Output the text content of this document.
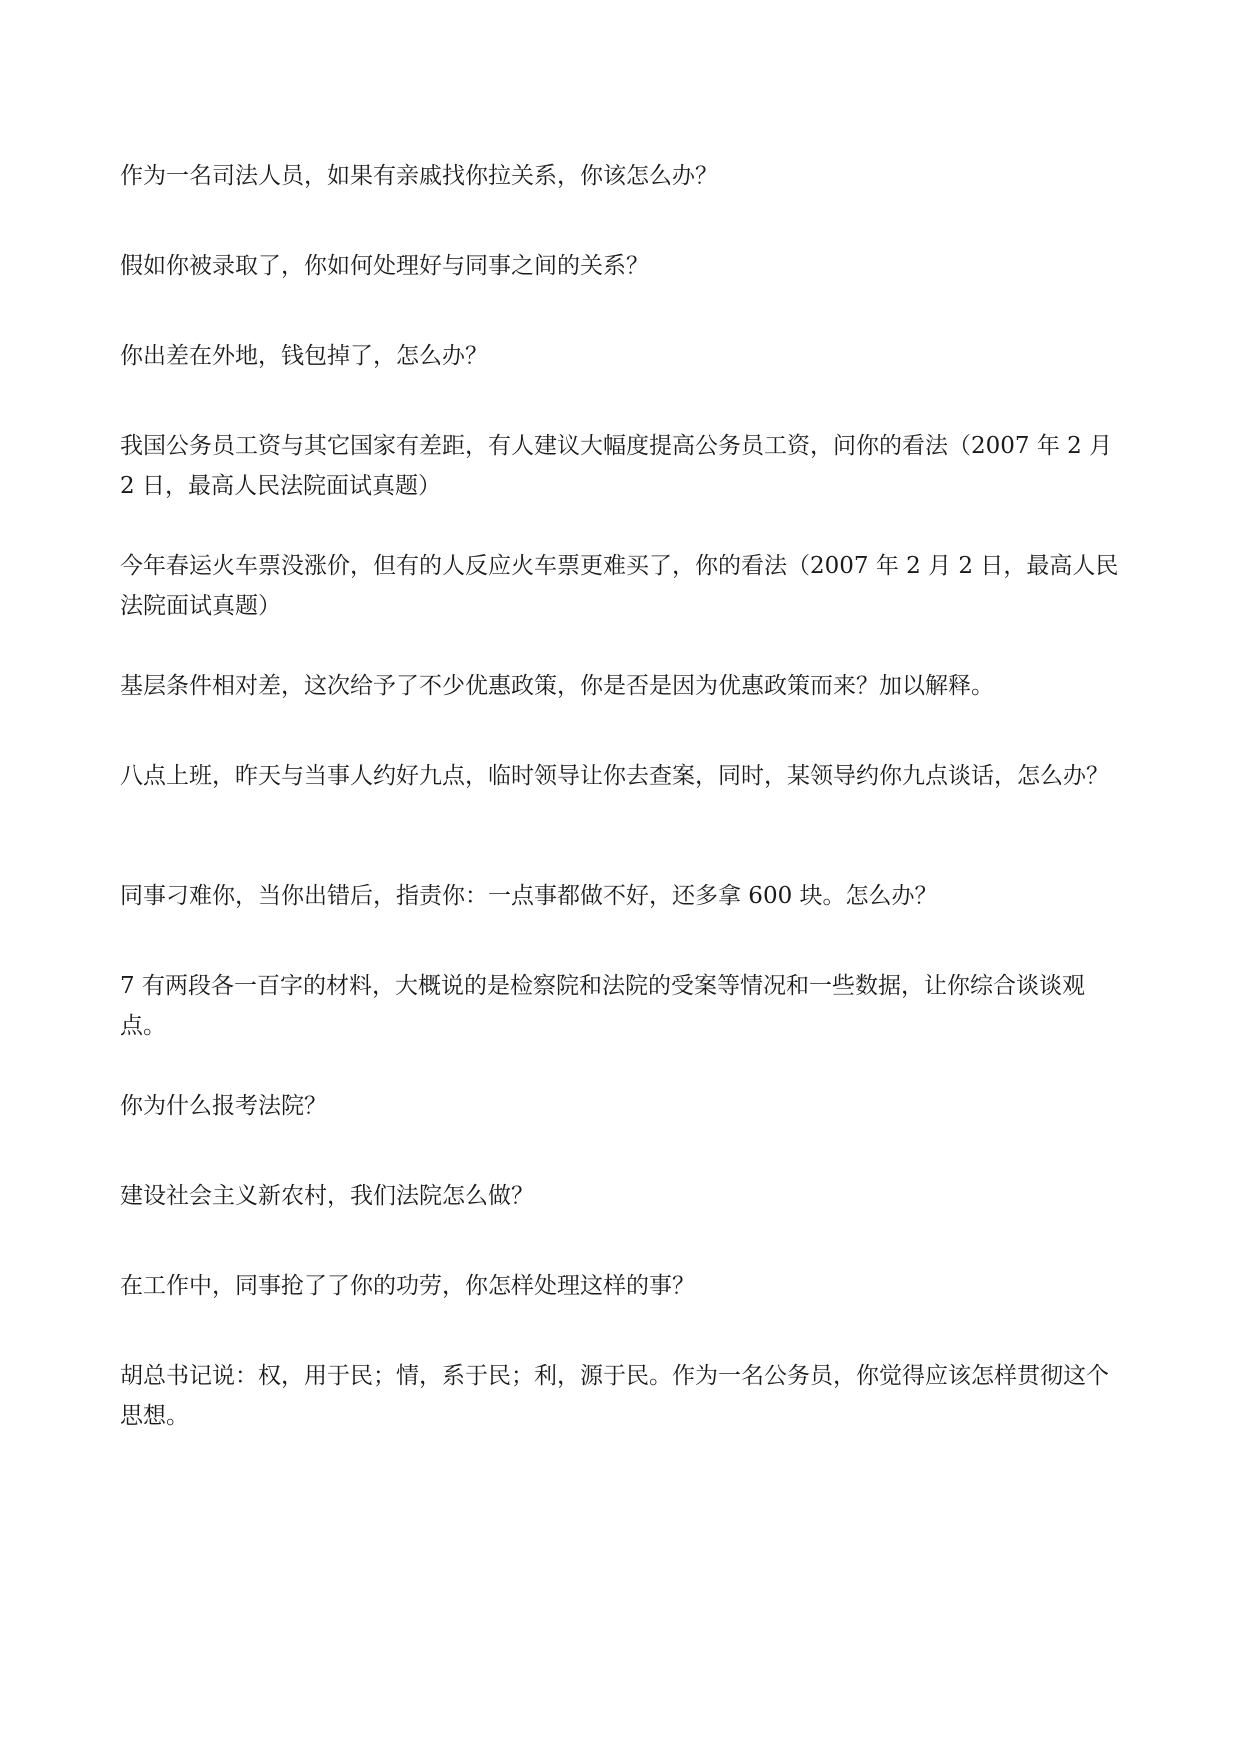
作为一名司法人员，如果有亲戚找你拉关系，你该怎么办？

假如你被录取了，你如何处理好与同事之间的关系？

你出差在外地，钱包掉了，怎么办？

我国公务员工资与其它国家有差距，有人建议大幅度提高公务员工资，问你的看法（2007 年 2 月 2 日，最高人民法院面试真题）

今年春运火车票没涨价，但有的人反应火车票更难买了，你的看法（2007 年 2 月 2 日，最高人民法院面试真题）

基层条件相对差，这次给予了不少优惠政策，你是否是因为优惠政策而来？加以解释。

八点上班，昨天与当事人约好九点，临时领导让你去查案，同时，某领导约你九点谈话，怎么办？

同事刁难你，当你出错后，指责你：一点事都做不好，还多拿 600 块。怎么办？

7 有两段各一百字的材料，大概说的是检察院和法院的受案等情况和一些数据，让你综合谈谈观点。

你为什么报考法院？

建设社会主义新农村，我们法院怎么做？

在工作中，同事抢了了你的功劳，你怎样处理这样的事？

胡总书记说：权，用于民；情，系于民；利，源于民。作为一名公务员，你觉得应该怎样贯彻这个思想。
